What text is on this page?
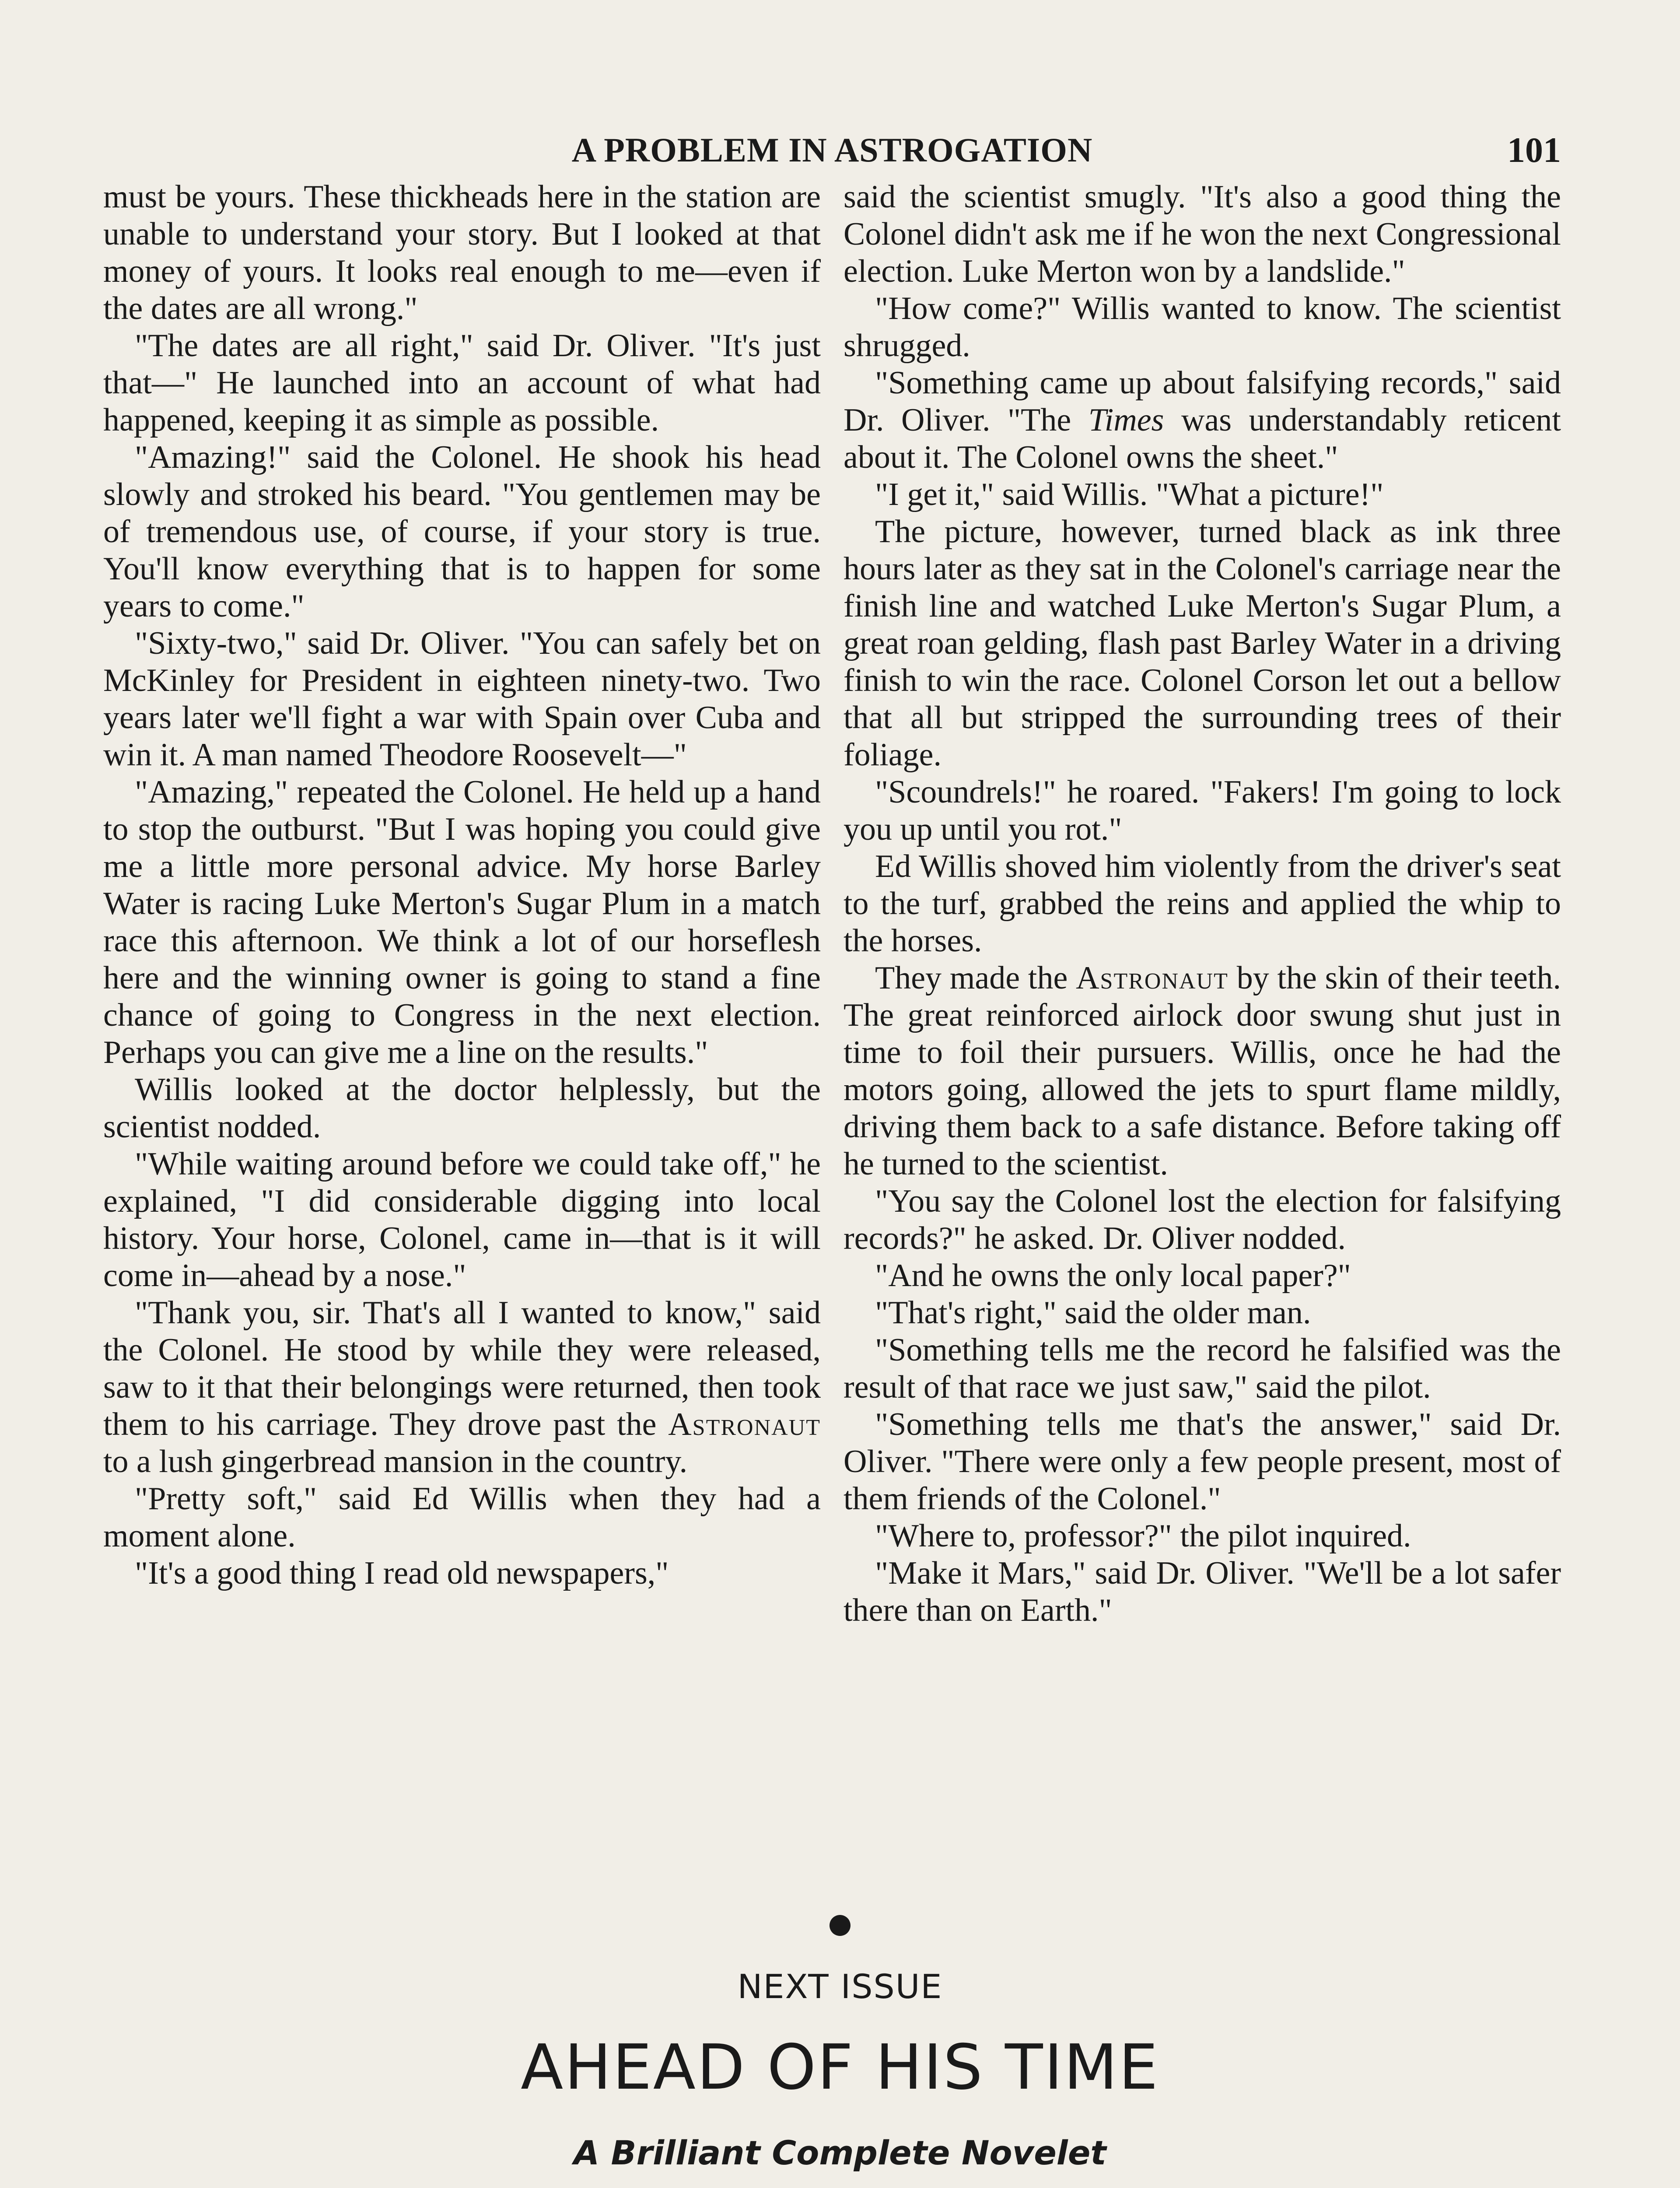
A PROBLEM IN ASTROGATION	101

must be yours. These thickheads here in the station are unable to understand your story. But I looked at that money of yours. It looks real enough to me—even if the dates are all wrong."

"The dates are all right," said Dr. Oliver. "It's just that—" He launched into an account of what had happened, keeping it as simple as possible.

"Amazing!" said the Colonel. He shook his head slowly and stroked his beard. "You gentlemen may be of tremendous use, of course, if your story is true. You'll know everything that is to happen for some years to come."

"Sixty-two," said Dr. Oliver. "You can safely bet on McKinley for President in eighteen ninety-two. Two years later we'll fight a war with Spain over Cuba and win it. A man named Theodore Roosevelt—"

"Amazing," repeated the Colonel. He held up a hand to stop the outburst. "But I was hoping you could give me a little more personal advice. My horse Barley Water is racing Luke Merton's Sugar Plum in a match race this afternoon. We think a lot of our horseflesh here and the winning owner is going to stand a fine chance of going to Congress in the next election. Perhaps you can give me a line on the results."

Willis looked at the doctor helplessly, but the scientist nodded.

"While waiting around before we could take off," he explained, "I did considerable digging into local history. Your horse, Colonel, came in—that is it will come in—ahead by a nose."

"Thank you, sir. That's all I wanted to know," said the Colonel. He stood by while they were released, saw to it that their belongings were returned, then took them to his carriage. They drove past the Astronaut to a lush gingerbread mansion in the country.

"Pretty soft," said Ed Willis when they had a moment alone.

"It's a good thing I read old newspapers,"

said the scientist smugly. "It's also a good thing the Colonel didn't ask me if he won the next Congressional election. Luke Merton won by a landslide."

"How come?" Willis wanted to know. The scientist shrugged.

"Something came up about falsifying records," said Dr. Oliver. "The Times was understandably reticent about it. The Colonel owns the sheet."

"I get it," said Willis. "What a picture!"

The picture, however, turned black as ink three hours later as they sat in the Colonel's carriage near the finish line and watched Luke Merton's Sugar Plum, a great roan gelding, flash past Barley Water in a driving finish to win the race. Colonel Corson let out a bellow that all but stripped the surrounding trees of their foliage.

"Scoundrels!" he roared. "Fakers! I'm going to lock you up until you rot."

Ed Willis shoved him violently from the driver's seat to the turf, grabbed the reins and applied the whip to the horses.

They made the Astronaut by the skin of their teeth. The great reinforced airlock door swung shut just in time to foil their pursuers. Willis, once he had the motors going, allowed the jets to spurt flame mildly, driving them back to a safe distance. Before taking off he turned to the scientist.

"You say the Colonel lost the election for falsifying records?" he asked. Dr. Oliver nodded.

"And he owns the only local paper?"

"That's right," said the older man.

"Something tells me the record he falsified was the result of that race we just saw," said the pilot.

"Something tells me that's the answer," said Dr. Oliver. "There were only a few people present, most of them friends of the Colonel."

"Where to, professor?" the pilot inquired.

"Make it Mars," said Dr. Oliver. "We'll be a lot safer there than on Earth."

NEXT ISSUE

AHEAD OF HIS TIME

A Brilliant Complete Novelet
